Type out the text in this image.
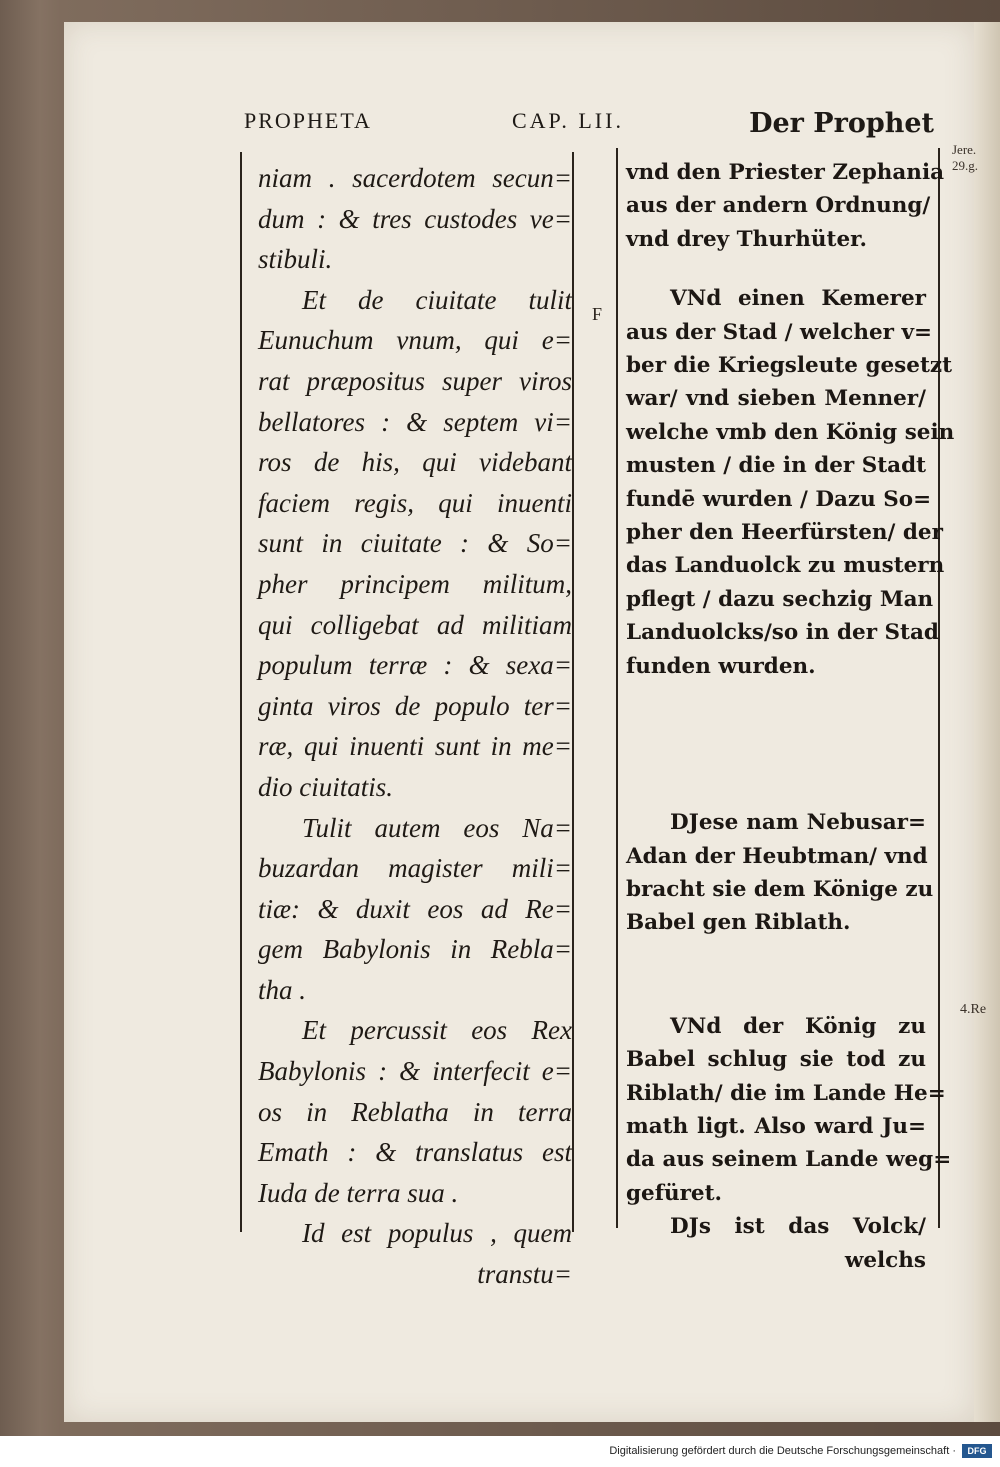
PROPHETA	CAP. LII.	Der Prophet
F
Jere. 29.g.
4.Re
niam . sacerdotem secun=
dum : & tres custodes ve=
stibuli.
Et de ciuitate tulit
Eunuchum vnum, qui e=
rat præpositus super viros
bellatores : & septem vi=
ros de his, qui videbant
faciem regis, qui inuenti
sunt in ciuitate : & So=
pher principem militum,
qui colligebat ad militiam
populum terræ : & sexa=
ginta viros de populo ter=
ræ, qui inuenti sunt in me=
dio ciuitatis.
Tulit autem eos Na=
buzardan magister mili=
tiæ: & duxit eos ad Re=
gem Babylonis in Rebla=
tha .
Et percussit eos Rex
Babylonis : & interfecit e=
os in Reblatha in terra
Emath : & translatus est
Iuda de terra sua .
Id est populus , quem
transtu=
vnd den Priester Zephania
aus der andern Ordnung/
vnd drey Thurhüter.
VNd einen Kemerer
aus der Stad / welcher v=
ber die Kriegsleute gesetzt
war/ vnd sieben Menner/
welche vmb den König sein
musten / die in der Stadt
fundē wurden / Dazu So=
pher den Heerfürsten/ der
das Landuolck zu mustern
pflegt / dazu sechzig Man
Landuolcks/so in der Stad
funden wurden.
DJese nam Nebusar=
Adan der Heubtman/ vnd
bracht sie dem Könige zu
Babel gen Riblath.
VNd der König zu
Babel schlug sie tod zu
Riblath/ die im Lande He=
math ligt. Also ward Ju=
da aus seinem Lande weg=
gefüret.
DJs ist das Volck/
welchs
Digitalisierung gefördert durch die Deutsche Forschungsgemeinschaft ·	DFG
